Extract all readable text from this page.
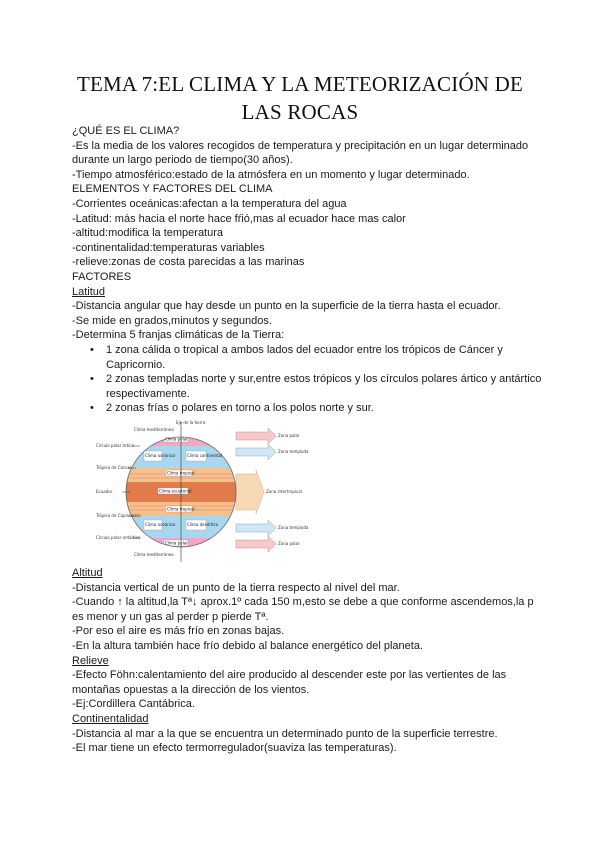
TEMA 7:EL CLIMA Y LA METEORIZACIÓN DE LAS ROCAS

¿QUÉ ES EL CLIMA?

-Es la media de los valores recogidos de temperatura y precipitación en un lugar determinado durante un largo periodo de tiempo(30 años).

-Tiempo atmosférico:estado de la atmósfera en un momento y lugar determinado.

ELEMENTOS Y FACTORES DEL CLIMA

-Corrientes oceánicas:afectan a la temperatura del agua

-Latitud: más hacia el norte hace fŕió,mas al ecuador hace mas calor

-altitud:modifica la temperatura

-continentalidad:temperaturas variables

-relieve:zonas de costa parecidas a las marinas

FACTORES

Latitud

-Distancia angular que hay desde un punto en la superficie de la tierra hasta el ecuador.

-Se mide en grados,minutos y segundos.

-Determina 5 franjas climáticas de la Tierra:

• 1 zona cálida o tropical a ambos lados del ecuador entre los trópicos de Cáncer y Capricornio.
• 2 zonas templadas norte y sur,entre estos trópicos y los círculos polares ártico y antártico respectivamente.
• 2 zonas frías o polares en torno a los polos norte y sur.
Eje de la tierra
Círculo polar ártico
Trópico de Cáncer
Ecuador
Trópico de Capricornio
Círculo polar antártico
Zona polar
Zona templada
Zona intertropical
Zona templada
Zona polar
Clima polar
Clima oceánico
Clima tropical
Clima ecuatorial
Clima tropical
Clima oceánico
Clima polar
Clima mediterráneo
Clima continental
Clima desértico
Clima mediterráneo

Altitud

-Distancia vertical de un punto de la tierra respecto al nivel del mar.

-Cuando ↑ la altitud,la Tª↓ aprox.1º cada 150 m,esto se debe a que conforme ascendemos,la p es menor y un gas al perder p pierde Tª.

-Por eso el aire es más frío en zonas bajas.

-En la altura también hace frío debido al balance energético del planeta.

Relieve

-Efecto Föhn:calentamiento del aire producido al descender este por las vertientes de las montañas opuestas a la dirección de los vientos.

-Ej:Cordillera Cantábrica.

Continentalidad

-Distancia al mar a la que se encuentra un determinado punto de la superficie terrestre.

-El mar tiene un efecto termorregulador(suaviza las temperaturas).
